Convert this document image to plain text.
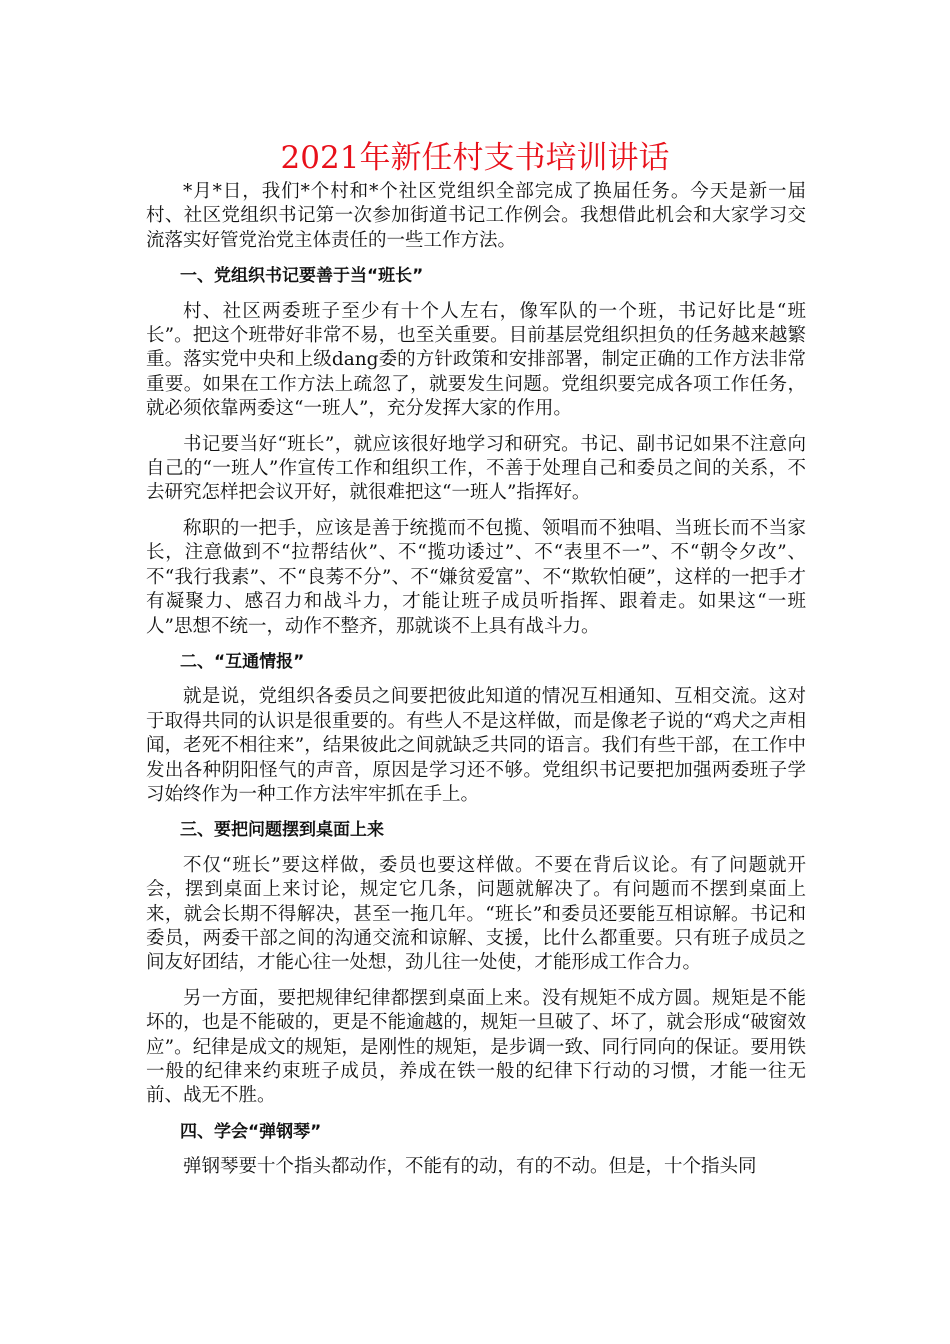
2021年新任村支书培训讲话

*月*日，我们*个村和*个社区党组织全部完成了换届任务。今天是新一届村、社区党组织书记第一次参加街道书记工作例会。我想借此机会和大家学习交流落实好管党治党主体责任的一些工作方法。

一、党组织书记要善于当“班长”

村、社区两委班子至少有十个人左右，像军队的一个班，书记好比是“班长”。把这个班带好非常不易，也至关重要。目前基层党组织担负的任务越来越繁重。落实党中央和上级dang委的方针政策和安排部署，制定正确的工作方法非常重要。如果在工作方法上疏忽了，就要发生问题。党组织要完成各项工作任务，就必须依靠两委这“一班人”，充分发挥大家的作用。

书记要当好“班长”，就应该很好地学习和研究。书记、副书记如果不注意向自己的“一班人”作宣传工作和组织工作，不善于处理自己和委员之间的关系，不去研究怎样把会议开好，就很难把这“一班人”指挥好。

称职的一把手，应该是善于统揽而不包揽、领唱而不独唱、当班长而不当家长，注意做到不“拉帮结伙”、不“揽功诿过”、不“表里不一”、不“朝令夕改”、不“我行我素”、不“良莠不分”、不“嫌贫爱富”、不“欺软怕硬”，这样的一把手才有凝聚力、感召力和战斗力，才能让班子成员听指挥、跟着走。如果这“一班人”思想不统一，动作不整齐，那就谈不上具有战斗力。

二、“互通情报”

就是说，党组织各委员之间要把彼此知道的情况互相通知、互相交流。这对于取得共同的认识是很重要的。有些人不是这样做，而是像老子说的“鸡犬之声相闻，老死不相往来”，结果彼此之间就缺乏共同的语言。我们有些干部，在工作中发出各种阴阳怪气的声音，原因是学习还不够。党组织书记要把加强两委班子学习始终作为一种工作方法牢牢抓在手上。

三、要把问题摆到桌面上来

不仅“班长”要这样做，委员也要这样做。不要在背后议论。有了问题就开会，摆到桌面上来讨论，规定它几条，问题就解决了。有问题而不摆到桌面上来，就会长期不得解决，甚至一拖几年。“班长”和委员还要能互相谅解。书记和委员，两委干部之间的沟通交流和谅解、支援，比什么都重要。只有班子成员之间友好团结，才能心往一处想，劲儿往一处使，才能形成工作合力。

另一方面，要把规律纪律都摆到桌面上来。没有规矩不成方圆。规矩是不能坏的，也是不能破的，更是不能逾越的，规矩一旦破了、坏了，就会形成“破窗效应”。纪律是成文的规矩，是刚性的规矩，是步调一致、同行同向的保证。要用铁一般的纪律来约束班子成员，养成在铁一般的纪律下行动的习惯，才能一往无前、战无不胜。

四、学会“弹钢琴”

弹钢琴要十个指头都动作，不能有的动，有的不动。但是，十个指头同
